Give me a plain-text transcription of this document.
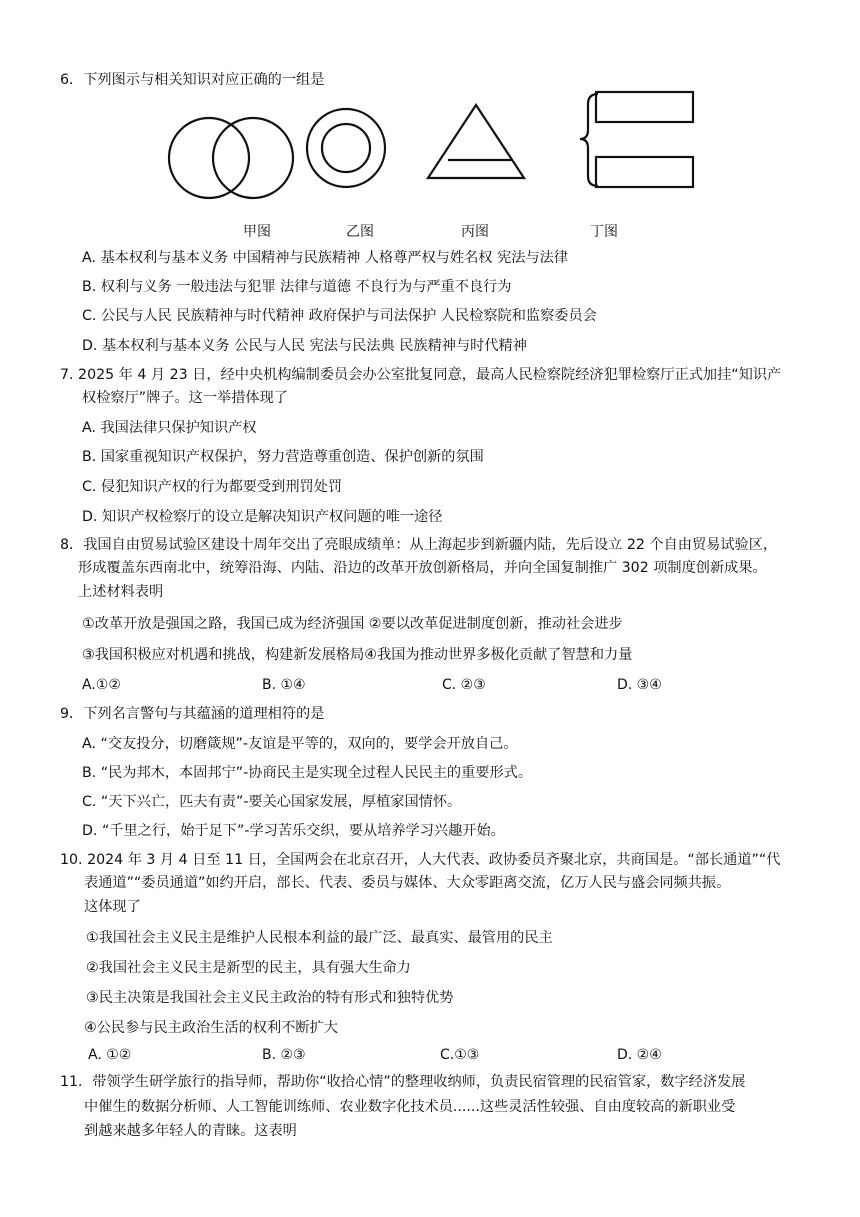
6．下列图示与相关知识对应正确的一组是
甲图	乙图	丙图	丁图
A. 基本权利与基本义务 中国精神与民族精神 人格尊严权与姓名权 宪法与法律
B. 权利与义务 一般违法与犯罪 法律与道德 不良行为与严重不良行为
C. 公民与人民 民族精神与时代精神 政府保护与司法保护 人民检察院和监察委员会
D. 基本权利与基本义务 公民与人民 宪法与民法典 民族精神与时代精神
7. 2025 年 4 月 23 日，经中央机构编制委员会办公室批复同意，最高人民检察院经济犯罪检察厅正式加挂“知识产
权检察厅”牌子。这一举措体现了
A. 我国法律只保护知识产权
B. 国家重视知识产权保护，努力营造尊重创造、保护创新的氛围
C. 侵犯知识产权的行为都要受到刑罚处罚
D. 知识产权检察厅的设立是解决知识产权问题的唯一途径
8．我国自由贸易试验区建设十周年交出了亮眼成绩单：从上海起步到新疆内陆，先后设立 22 个自由贸易试验区，
形成覆盖东西南北中，统筹沿海、内陆、沿边的改革开放创新格局，并向全国复制推广 302 项制度创新成果。
上述材料表明
①改革开放是强国之路，我国已成为经济强国 ②要以改革促进制度创新，推动社会进步
③我国积极应对机遇和挑战，构建新发展格局④我国为推动世界多极化贡献了智慧和力量
A.①②	B. ①④	C. ②③	D. ③④
9．下列名言警句与其蕴涵的道理相符的是
A. “交友投分，切磨箴规”-友谊是平等的，双向的，要学会开放自己。
B. “民为邦木，本固邦宁”-协商民主是实现全过程人民民主的重要形式。
C. “天下兴亡，匹夫有责”-要关心国家发展，厚植家国情怀。
D. “千里之行，始于足下”-学习苦乐交织，要从培养学习兴趣开始。
10. 2024 年 3 月 4 日至 11 日，全国两会在北京召开，人大代表、政协委员齐聚北京，共商国是。“部长通道”“代
表通道”“委员通道”如约开启，部长、代表、委员与媒体、大众零距离交流，亿万人民与盛会同频共振。
这体现了
①我国社会主义民主是维护人民根本利益的最广泛、最真实、最管用的民主
②我国社会主义民主是新型的民主，具有强大生命力
③民主决策是我国社会主义民主政治的特有形式和独特优势
④公民参与民主政治生活的权利不断扩大
A. ①②	B. ②③	C.①③	D. ②④
11．带领学生研学旅行的指导师，帮助你“收拾心情”的整理收纳师，负责民宿管理的民宿管家，数字经济发展
中催生的数据分析师、人工智能训练师、农业数字化技术员......这些灵活性较强、自由度较高的新职业受
到越来越多年轻人的青睐。这表明
